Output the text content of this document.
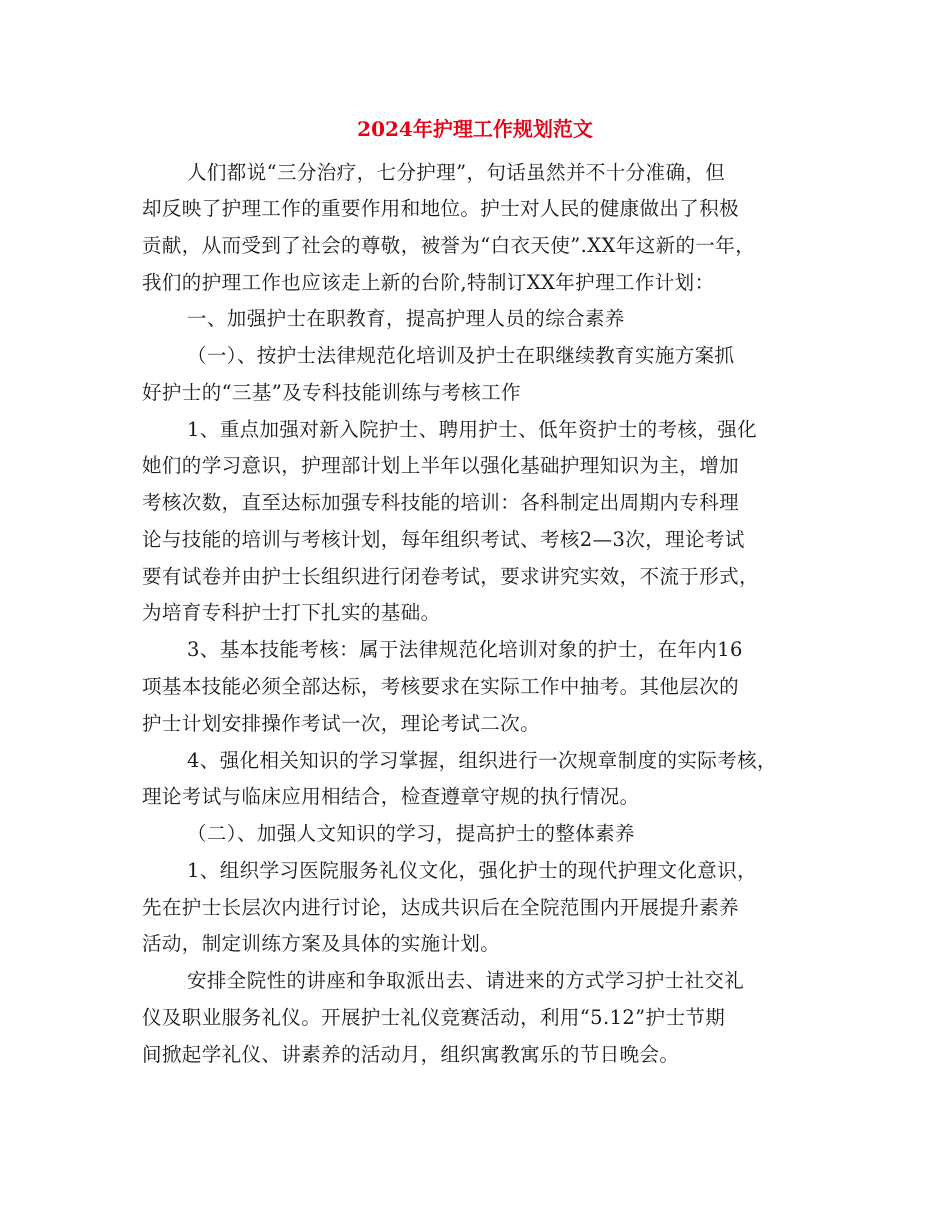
2024年护理工作规划范文
人们都说“三分治疗，七分护理”，句话虽然并不十分准确，但
却反映了护理工作的重要作用和地位。护士对人民的健康做出了积极
贡献，从而受到了社会的尊敬，被誉为“白衣天使”.XX年这新的一年，
我们的护理工作也应该走上新的台阶,特制订XX年护理工作计划：
一、加强护士在职教育，提高护理人员的综合素养
（一）、按护士法律规范化培训及护士在职继续教育实施方案抓
好护士的“三基”及专科技能训练与考核工作
1、重点加强对新入院护士、聘用护士、低年资护士的考核，强化
她们的学习意识，护理部计划上半年以强化基础护理知识为主，增加
考核次数，直至达标加强专科技能的培训：各科制定出周期内专科理
论与技能的培训与考核计划，每年组织考试、考核2—3次，理论考试
要有试卷并由护士长组织进行闭卷考试，要求讲究实效，不流于形式，
为培育专科护士打下扎实的基础。
3、基本技能考核：属于法律规范化培训对象的护士，在年内16
项基本技能必须全部达标，考核要求在实际工作中抽考。其他层次的
护士计划安排操作考试一次，理论考试二次。
4、强化相关知识的学习掌握，组织进行一次规章制度的实际考核，
理论考试与临床应用相结合，检查遵章守规的执行情况。
（二）、加强人文知识的学习，提高护士的整体素养
1、组织学习医院服务礼仪文化，强化护士的现代护理文化意识，
先在护士长层次内进行讨论，达成共识后在全院范围内开展提升素养
活动，制定训练方案及具体的实施计划。
安排全院性的讲座和争取派出去、请进来的方式学习护士社交礼
仪及职业服务礼仪。开展护士礼仪竞赛活动，利用“5.12”护士节期
间掀起学礼仪、讲素养的活动月，组织寓教寓乐的节日晚会。
